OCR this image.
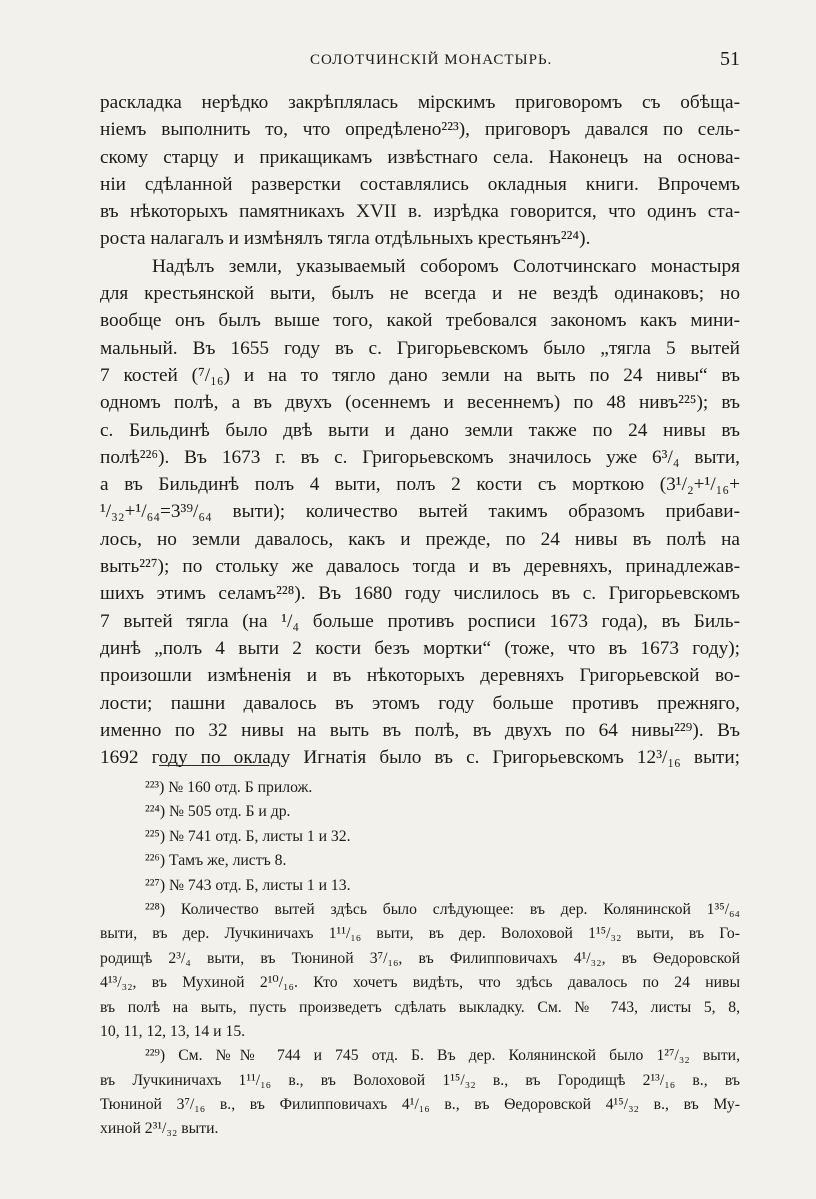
СОЛОТЧИНСКІЙ МОНАСТЫРЬ.	51
раскладка нерѣдко закрѣплялась мірскимъ приговоромъ съ обѣща-
ніемъ выполнить то, что опредѣлено²²³), приговоръ давался по сель-
скому старцу и прикащикамъ извѣстнаго села. Наконецъ на основа-
ніи сдѣланной разверстки составлялись окладныя книги. Впрочемъ
въ нѣкоторыхъ памятникахъ XVII в. изрѣдка говорится, что одинъ ста-
роста налагалъ и измѣнялъ тягла отдѣльныхъ крестьянъ²²⁴).
Надѣлъ земли, указываемый соборомъ Солотчинскаго монастыря
для крестьянской выти, былъ не всегда и не вездѣ одинаковъ; но
вообще онъ былъ выше того, какой требовался закономъ какъ мини-
мальный. Въ 1655 году въ с. Григорьевскомъ было „тягла 5 вытей
7 костей (⁷/₁₆) и на то тягло дано земли на выть по 24 нивы“ въ
одномъ полѣ, а въ двухъ (осеннемъ и весеннемъ) по 48 нивъ²²⁵); въ
с. Бильдинѣ было двѣ выти и дано земли также по 24 нивы въ
полѣ²²⁶). Въ 1673 г. въ с. Григорьевскомъ значилось уже 6³/₄ выти,
а въ Бильдинѣ полъ 4 выти, полъ 2 кости съ морткою (3¹/₂+¹/₁₆+
¹/₃₂+¹/₆₄=3³⁹/₆₄ выти); количество вытей такимъ образомъ прибави-
лось, но земли давалось, какъ и прежде, по 24 нивы въ полѣ на
выть²²⁷); по стольку же давалось тогда и въ деревняхъ, принадлежав-
шихъ этимъ селамъ²²⁸). Въ 1680 году числилось въ с. Григорьевскомъ
7 вытей тягла (на ¹/₄ больше противъ росписи 1673 года), въ Биль-
динѣ „полъ 4 выти 2 кости безъ мортки“ (тоже, что въ 1673 году);
произошли измѣненія и въ нѣкоторыхъ деревняхъ Григорьевской во-
лости; пашни давалось въ этомъ году больше противъ прежняго,
именно по 32 нивы на выть въ полѣ, въ двухъ по 64 нивы²²⁹). Въ
1692 году по окладу Игнатія было въ с. Григорьевскомъ 12³/₁₆ выти;
²²³) № 160 отд. Б прилож.
²²⁴) № 505 отд. Б и др.
²²⁵) № 741 отд. Б, листы 1 и 32.
²²⁶) Тамъ же, листъ 8.
²²⁷) № 743 отд. Б, листы 1 и 13.
²²⁸) Количество вытей здѣсь было слѣдующее: въ дер. Колянинской 1³⁵/₆₄
выти, въ дер. Лучкиничахъ 1¹¹/₁₆ выти, въ дер. Волоховой 1¹⁵/₃₂ выти, въ Го-
родищѣ 2³/₄ выти, въ Тюниной 3⁷/₁₆, въ Филипповичахъ 4¹/₃₂, въ Ѳедоровской
4¹³/₃₂, въ Мухиной 2¹⁰/₁₆. Кто хочетъ видѣть, что здѣсь давалось по 24 нивы
въ полѣ на выть, пусть произведетъ сдѣлать выкладку. См. № 743, листы 5, 8,
10, 11, 12, 13, 14 и 15.
²²⁹) См. №№ 744 и 745 отд. Б. Въ дер. Колянинской было 1²⁷/₃₂ выти,
въ Лучкиничахъ 1¹¹/₁₆ в., въ Волоховой 1¹⁵/₃₂ в., въ Городищѣ 2¹³/₁₆ в., въ
Тюниной 3⁷/₁₆ в., въ Филипповичахъ 4¹/₁₆ в., въ Ѳедоровской 4¹⁵/₃₂ в., въ Му-
хиной 2³¹/₃₂ выти.
